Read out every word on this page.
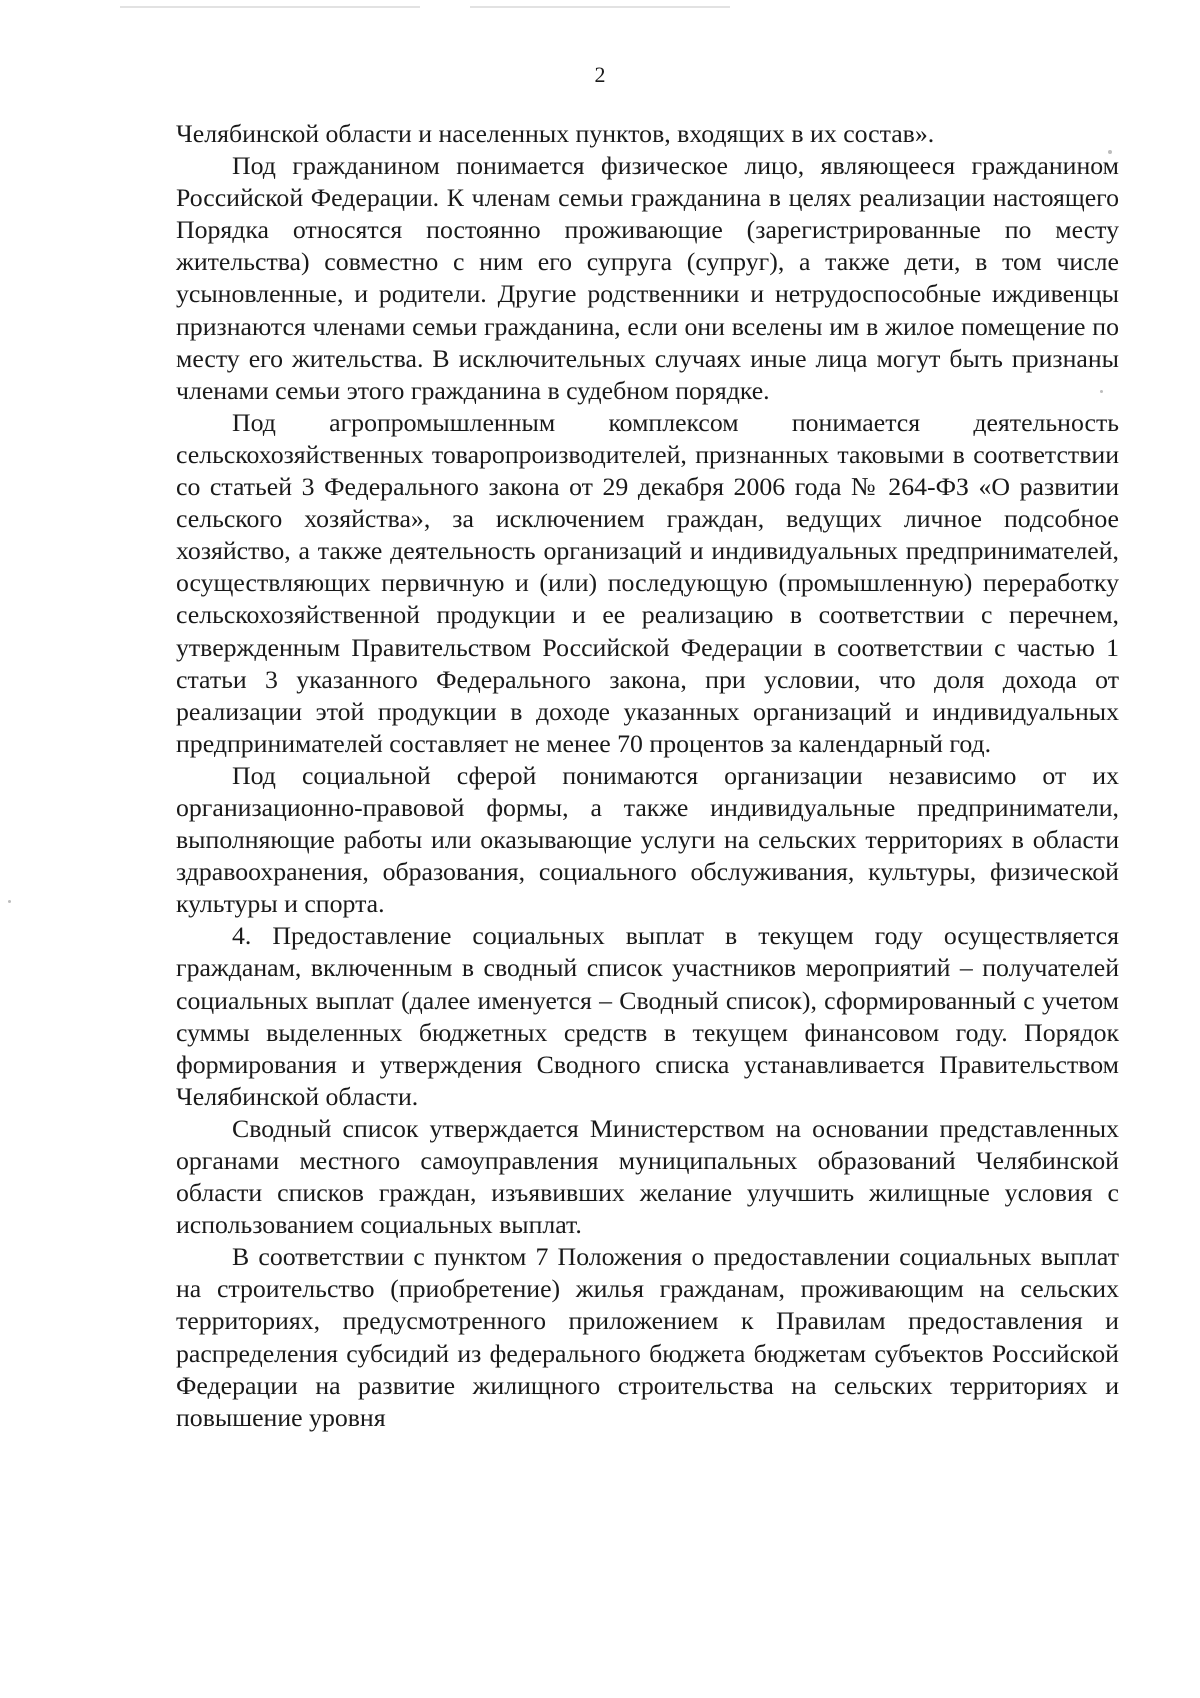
2

Челябинской области и населенных пунктов, входящих в их состав».

Под гражданином понимается физическое лицо, являющееся гражданином Российской Федерации. К членам семьи гражданина в целях реализации настоящего Порядка относятся постоянно проживающие (зарегистрированные по месту жительства) совместно с ним его супруга (супруг), а также дети, в том числе усыновленные, и родители. Другие родственники и нетрудоспособные иждивенцы признаются членами семьи гражданина, если они вселены им в жилое помещение по месту его жительства. В исключительных случаях иные лица могут быть признаны членами семьи этого гражданина в судебном порядке.

Под агропромышленным комплексом понимается деятельность сельскохозяйственных товаропроизводителей, признанных таковыми в соответствии со статьей 3 Федерального закона от 29 декабря 2006 года № 264-ФЗ «О развитии сельского хозяйства», за исключением граждан, ведущих личное подсобное хозяйство, а также деятельность организаций и индивидуальных предпринимателей, осуществляющих первичную и (или) последующую (промышленную) переработку сельскохозяйственной продукции и ее реализацию в соответствии с перечнем, утвержденным Правительством Российской Федерации в соответствии с частью 1 статьи 3 указанного Федерального закона, при условии, что доля дохода от реализации этой продукции в доходе указанных организаций и индивидуальных предпринимателей составляет не менее 70 процентов за календарный год.

Под социальной сферой понимаются организации независимо от их организационно-правовой формы, а также индивидуальные предприниматели, выполняющие работы или оказывающие услуги на сельских территориях в области здравоохранения, образования, социального обслуживания, культуры, физической культуры и спорта.

4. Предоставление социальных выплат в текущем году осуществляется гражданам, включенным в сводный список участников мероприятий – получателей социальных выплат (далее именуется – Сводный список), сформированный с учетом суммы выделенных бюджетных средств в текущем финансовом году. Порядок формирования и утверждения Сводного списка устанавливается Правительством Челябинской области.

Сводный список утверждается Министерством на основании представленных органами местного самоуправления муниципальных образований Челябинской области списков граждан, изъявивших желание улучшить жилищные условия с использованием социальных выплат.

В соответствии с пунктом 7 Положения о предоставлении социальных выплат на строительство (приобретение) жилья гражданам, проживающим на сельских территориях, предусмотренного приложением к Правилам предоставления и распределения субсидий из федерального бюджета бюджетам субъектов Российской Федерации на развитие жилищного строительства на сельских территориях и повышение уровня
